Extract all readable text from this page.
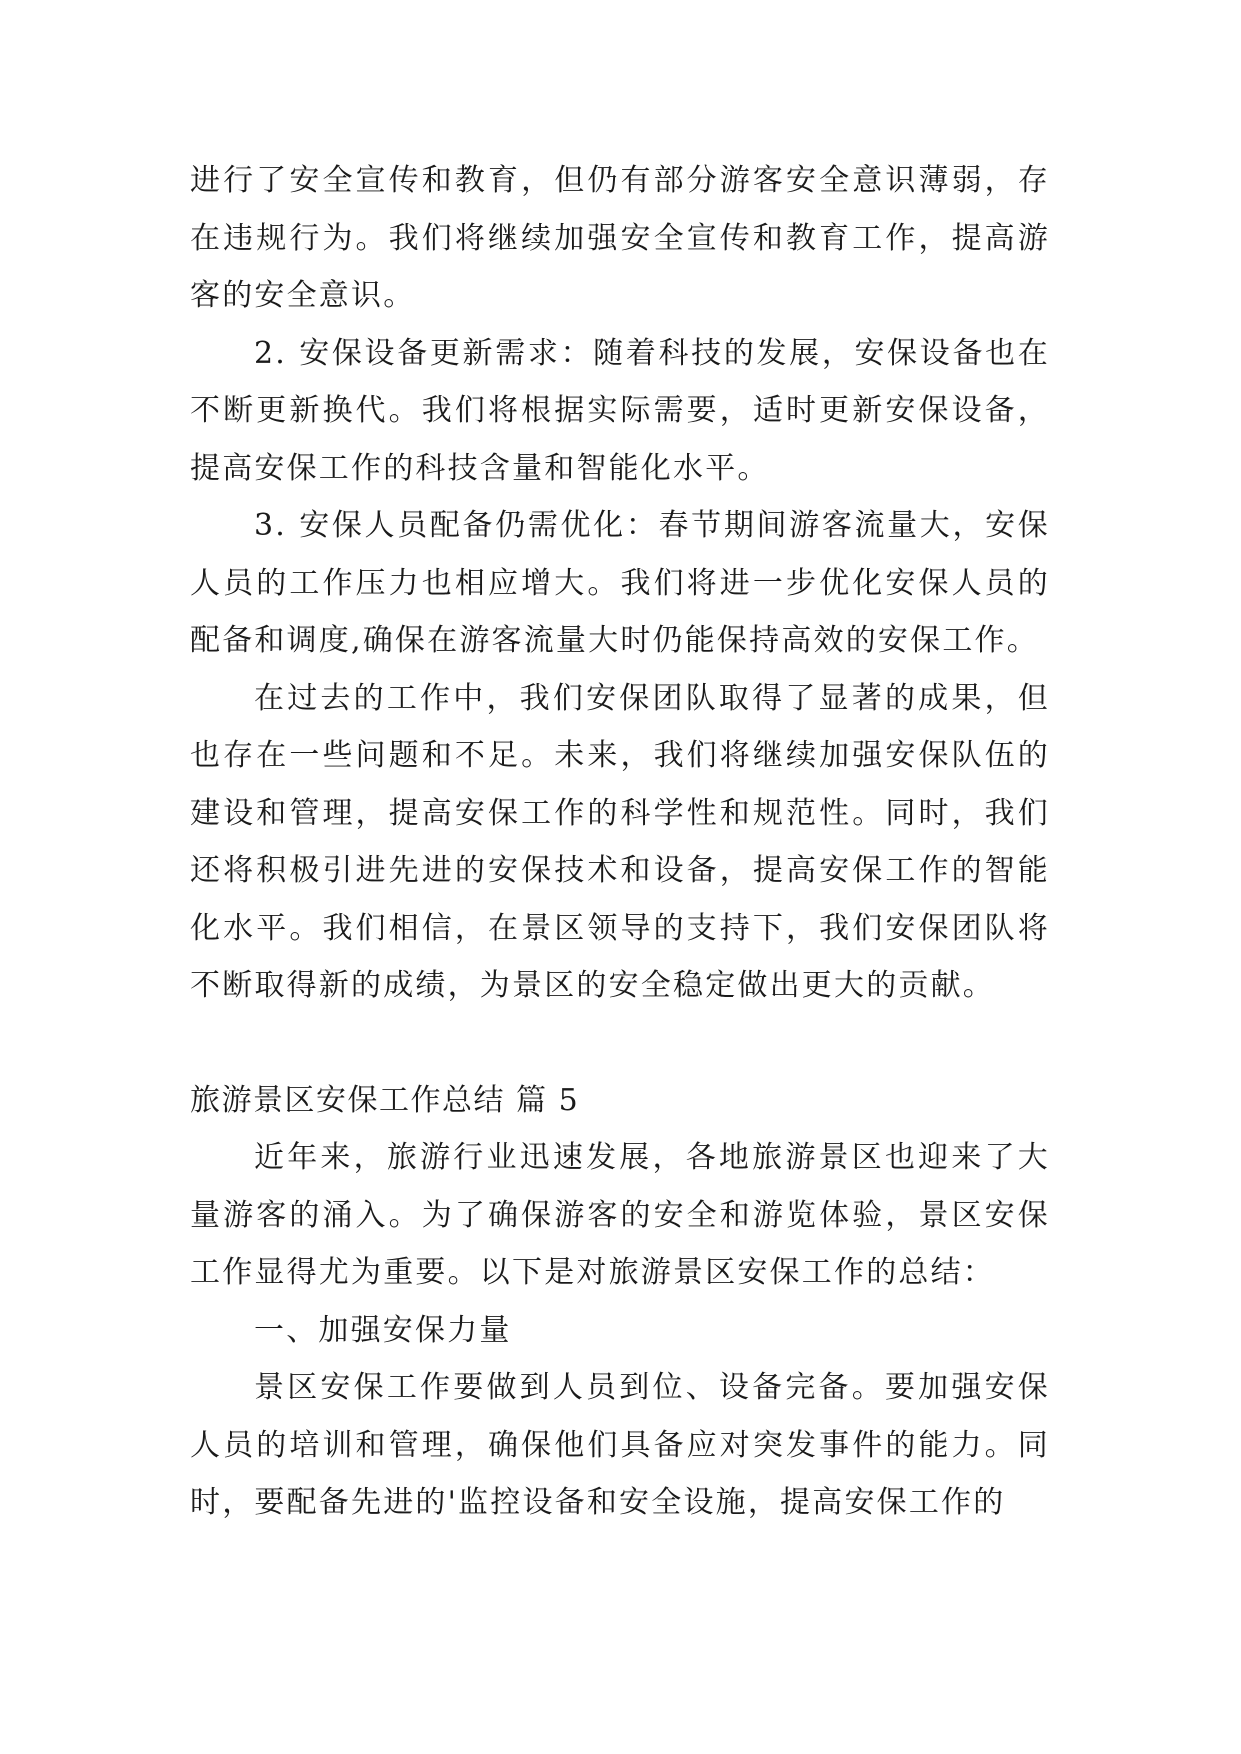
进行了安全宣传和教育，但仍有部分游客安全意识薄弱，存在违规行为。我们将继续加强安全宣传和教育工作，提高游客的安全意识。

2. 安保设备更新需求：随着科技的发展，安保设备也在不断更新换代。我们将根据实际需要，适时更新安保设备，提高安保工作的科技含量和智能化水平。

3. 安保人员配备仍需优化：春节期间游客流量大，安保人员的工作压力也相应增大。我们将进一步优化安保人员的配备和调度,确保在游客流量大时仍能保持高效的安保工作。

在过去的工作中，我们安保团队取得了显著的成果，但也存在一些问题和不足。未来，我们将继续加强安保队伍的建设和管理，提高安保工作的科学性和规范性。同时，我们还将积极引进先进的安保技术和设备，提高安保工作的智能化水平。我们相信，在景区领导的支持下，我们安保团队将不断取得新的成绩，为景区的安全稳定做出更大的贡献。

旅游景区安保工作总结 篇 5

近年来，旅游行业迅速发展，各地旅游景区也迎来了大量游客的涌入。为了确保游客的安全和游览体验，景区安保工作显得尤为重要。以下是对旅游景区安保工作的总结：

一、加强安保力量

景区安保工作要做到人员到位、设备完备。要加强安保人员的培训和管理，确保他们具备应对突发事件的能力。同时，要配备先进的'监控设备和安全设施，提高安保工作的
